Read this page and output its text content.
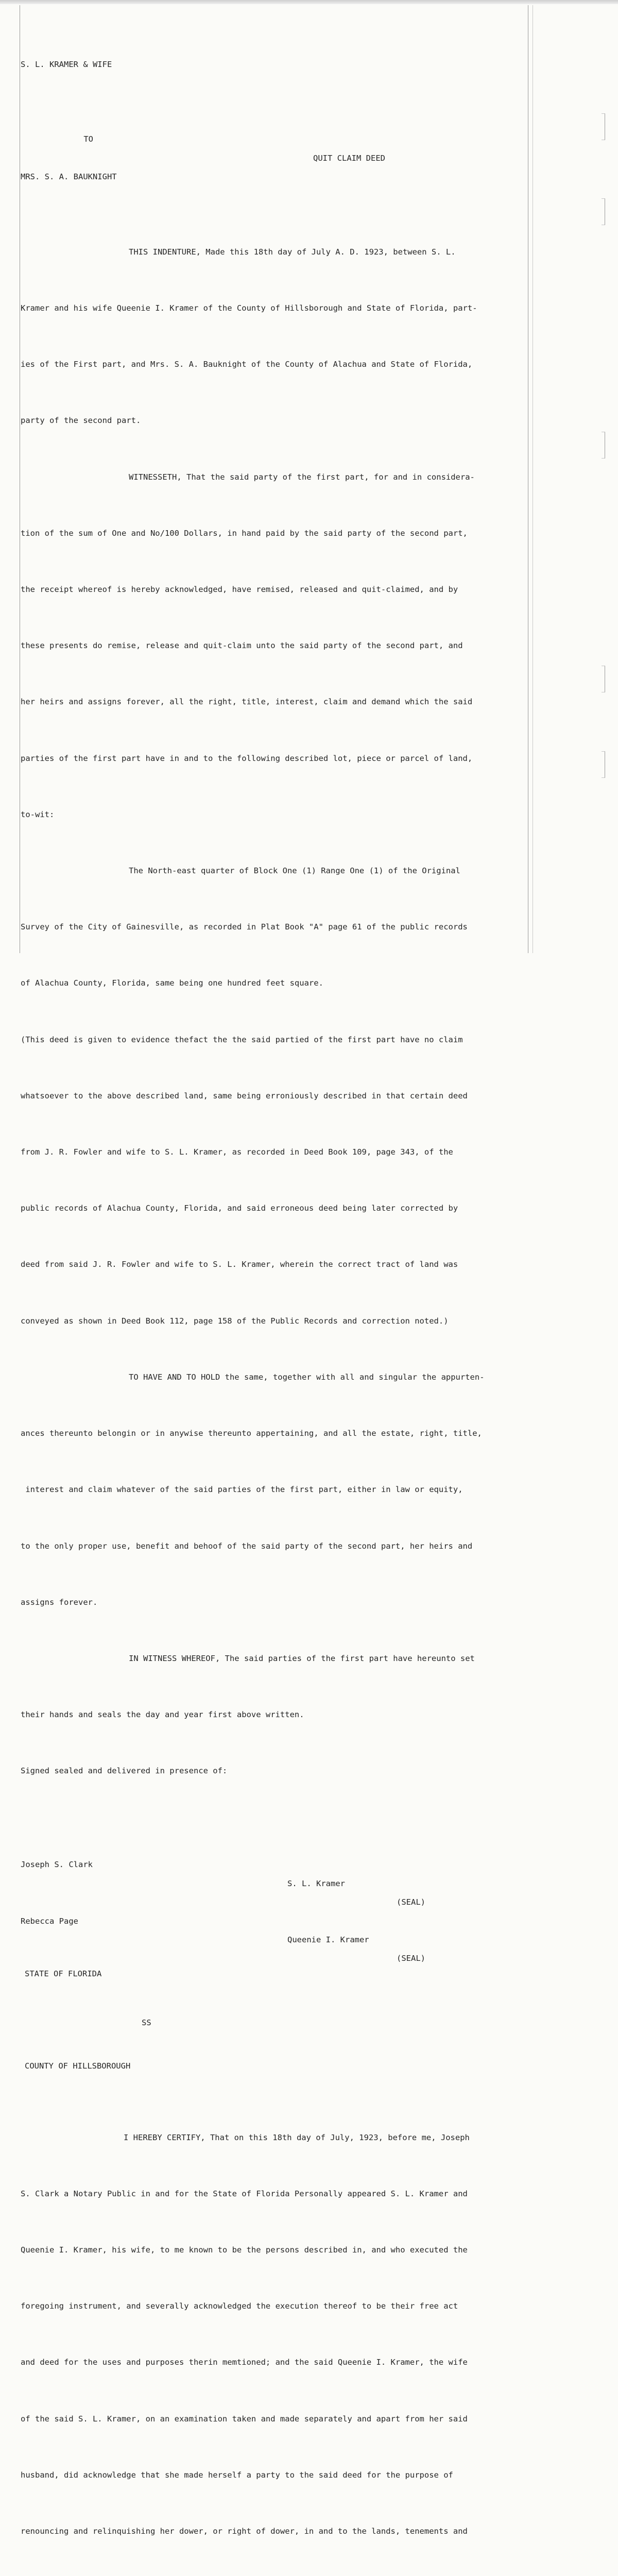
S. L. KRAMER & WIFE

TO

QUIT CLAIM DEED

MRS. S. A. BAUKNIGHT

THIS INDENTURE, Made this 18th day of July A. D. 1923, between S. L.

Kramer and his wife Queenie I. Kramer of the County of Hillsborough and State of Florida, part-

ies of the First part, and Mrs. S. A. Bauknight of the County of Alachua and State of Florida,

party of the second part.

WITNESSETH, That the said party of the first part, for and in considera-

tion of the sum of One and No/100 Dollars, in hand paid by the said party of the second part,

the receipt whereof is hereby acknowledged, have remised, released and quit-claimed, and by

these presents do remise, release and quit-claim unto the said party of the second part, and

her heirs and assigns forever, all the right, title, interest, claim and demand which the said

parties of the first part have in and to the following described lot, piece or parcel of land,

to-wit:

The North-east quarter of Block One (1) Range One (1) of the Original

Survey of the City of Gainesville, as recorded in Plat Book "A" page 61 of the public records

of Alachua County, Florida, same being one hundred feet square.

(This deed is given to evidence thefact the the said partied of the first part have no claim

whatsoever to the above described land, same being erroniously described in that certain deed

from J. R. Fowler and wife to S. L. Kramer, as recorded in Deed Book 109, page 343, of the

public records of Alachua County, Florida, and said erroneous deed being later corrected by

deed from said J. R. Fowler and wife to S. L. Kramer, wherein the correct tract of land was

conveyed as shown in Deed Book 112, page 158 of the Public Records and correction noted.)

TO HAVE AND TO HOLD the same, together with all and singular the appurten-

ances thereunto belongin or in anywise thereunto appertaining, and all the estate, right, title,

interest and claim whatever of the said parties of the first part, either in law or equity,

to the only proper use, benefit and behoof of the said party of the second part, her heirs and

assigns forever.

IN WITNESS WHEREOF, The said parties of the first part have hereunto set

their hands and seals the day and year first above written.

Signed sealed and delivered in presence of:

Joseph S. Clark

S. L. Kramer

(SEAL)

Rebecca Page

Queenie I. Kramer

(SEAL)

STATE OF FLORIDA

SS

COUNTY OF HILLSBOROUGH

I HEREBY CERTIFY, That on this 18th day of July, 1923, before me, Joseph

S. Clark a Notary Public in and for the State of Florida Personally appeared S. L. Kramer and

Queenie I. Kramer, his wife, to me known to be the persons described in, and who executed the

foregoing instrument, and severally acknowledged the execution thereof to be their free act

and deed for the uses and purposes therin memtioned; and the said Queenie I. Kramer, the wife

of the said S. L. Kramer, on an examination taken and made separately and apart from her said

husband, did acknowledge that she made herself a party to the said deed for the purpose of

renouncing and relinquishing her dower, or right of dower, in and to the lands, tenements and
